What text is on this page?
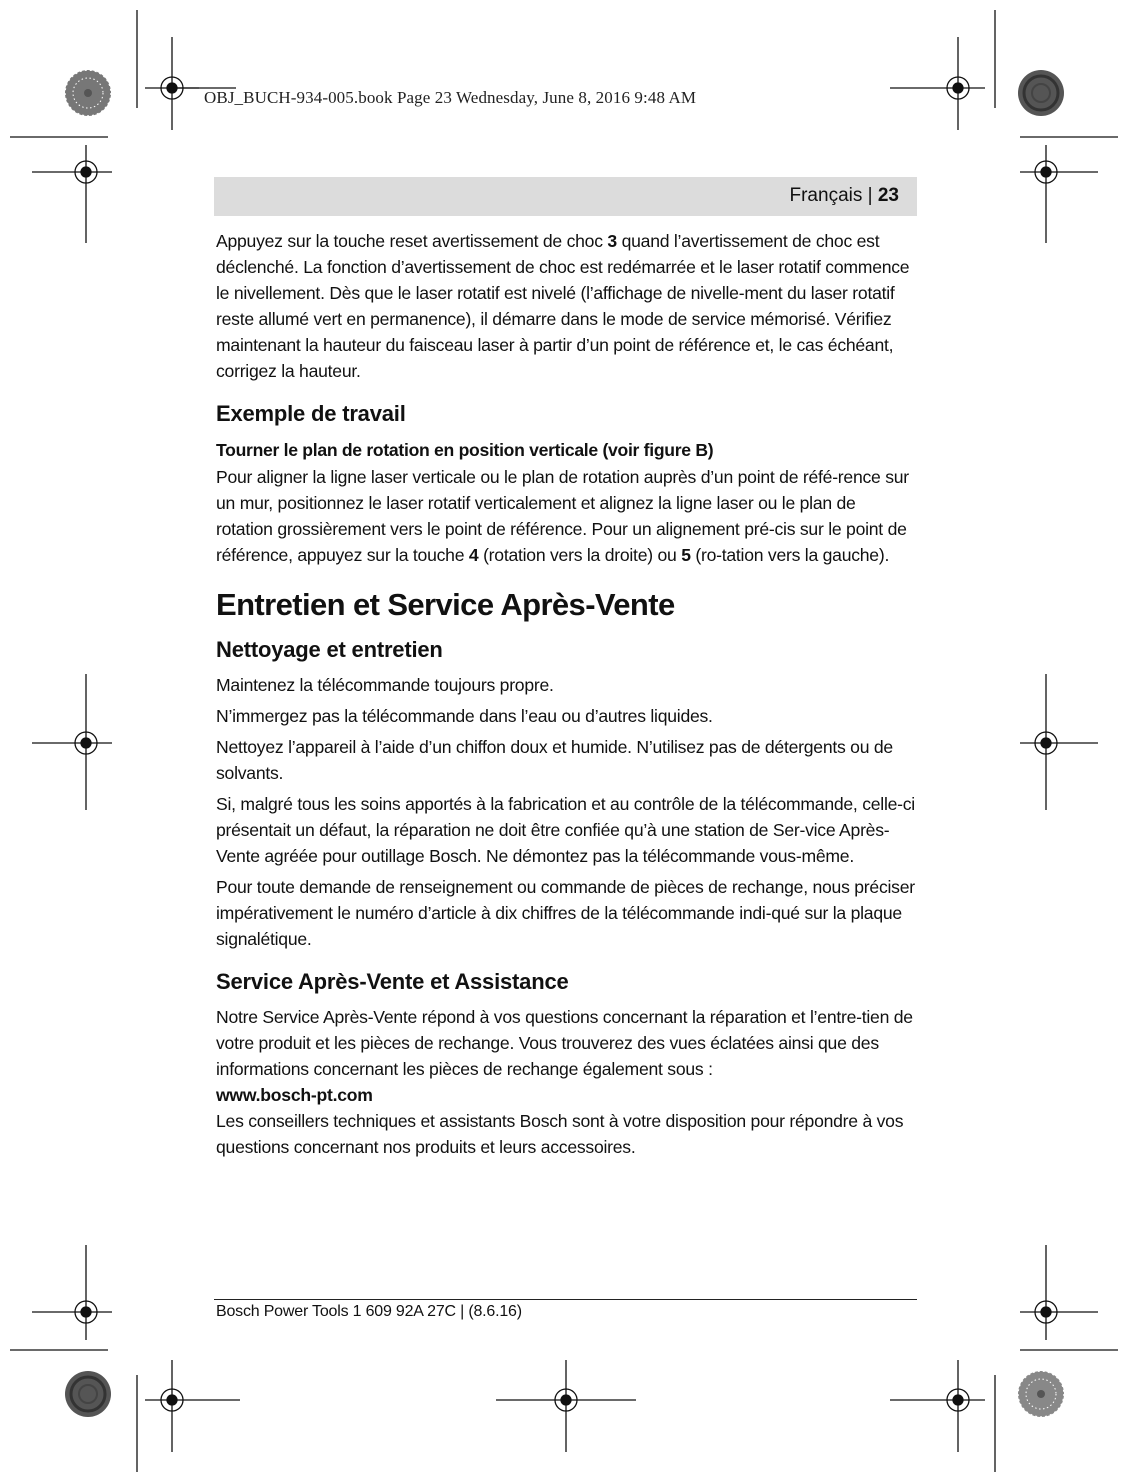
OBJ_BUCH-934-005.book Page 23 Wednesday, June 8, 2016 9:48 AM
Français | 23

Appuyez sur la touche reset avertissement de choc 3 quand l’avertissement de choc est déclenché. La fonction d’avertissement de choc est redémarrée et le laser rotatif commence le nivellement. Dès que le laser rotatif est nivelé (l’affichage de nivelle-ment du laser rotatif reste allumé vert en permanence), il démarre dans le mode de service mémorisé. Vérifiez maintenant la hauteur du faisceau laser à partir d’un point de référence et, le cas échéant, corrigez la hauteur.

Exemple de travail
Tourner le plan de rotation en position verticale (voir figure B)

Pour aligner la ligne laser verticale ou le plan de rotation auprès d’un point de réfé-rence sur un mur, positionnez le laser rotatif verticalement et alignez la ligne laser ou le plan de rotation grossièrement vers le point de référence. Pour un alignement pré-cis sur le point de référence, appuyez sur la touche 4 (rotation vers la droite) ou 5 (ro-tation vers la gauche).

Entretien et Service Après-Vente
Nettoyage et entretien

Maintenez la télécommande toujours propre.

N’immergez pas la télécommande dans l’eau ou d’autres liquides.

Nettoyez l’appareil à l’aide d’un chiffon doux et humide. N’utilisez pas de détergents ou de solvants.

Si, malgré tous les soins apportés à la fabrication et au contrôle de la télécommande, celle-ci présentait un défaut, la réparation ne doit être confiée qu’à une station de Ser-vice Après-Vente agréée pour outillage Bosch. Ne démontez pas la télécommande vous-même.

Pour toute demande de renseignement ou commande de pièces de rechange, nous préciser impérativement le numéro d’article à dix chiffres de la télécommande indi-qué sur la plaque signalétique.

Service Après-Vente et Assistance

Notre Service Après-Vente répond à vos questions concernant la réparation et l’entre-tien de votre produit et les pièces de rechange. Vous trouverez des vues éclatées ainsi que des informations concernant les pièces de rechange également sous :

www.bosch-pt.com

Les conseillers techniques et assistants Bosch sont à votre disposition pour répondre à vos questions concernant nos produits et leurs accessoires.

Bosch Power Tools 1 609 92A 27C | (8.6.16)
